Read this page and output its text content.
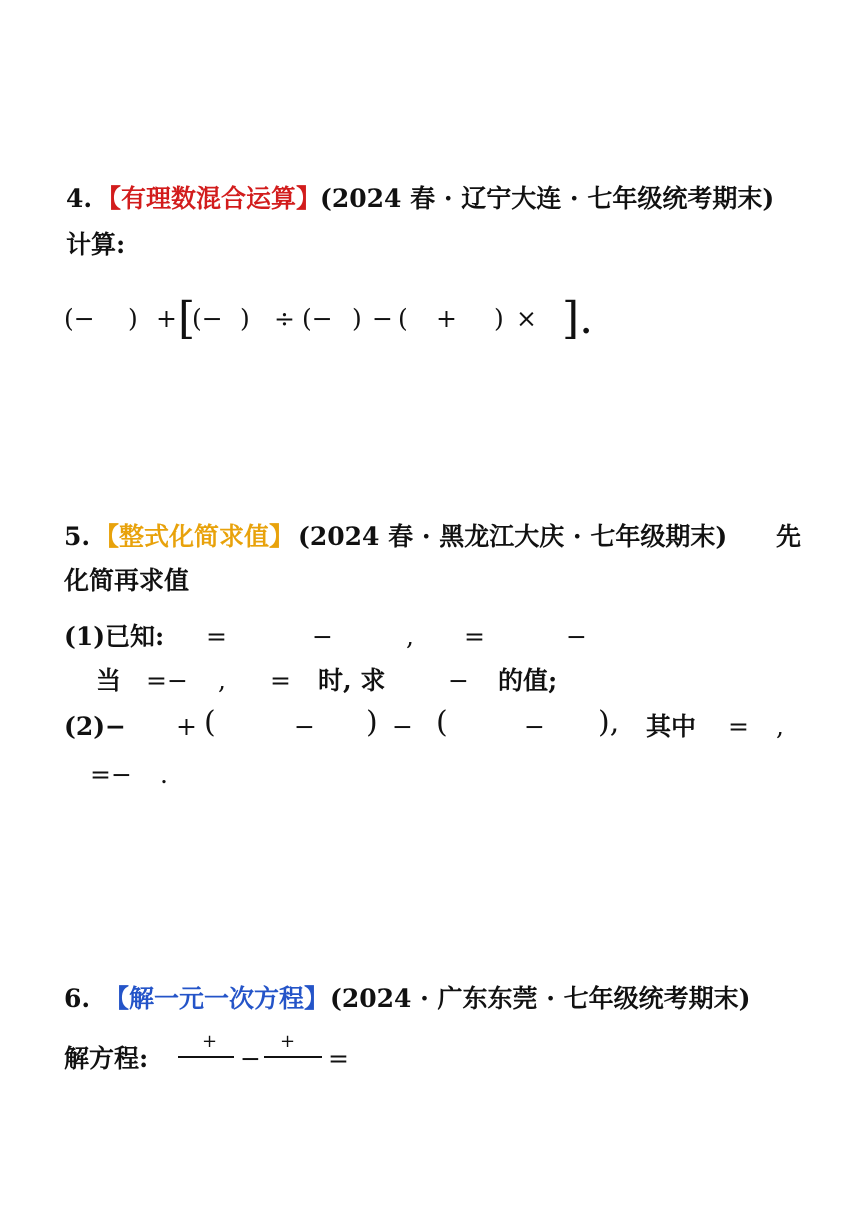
4. 【有理数混合运算】
(2024 春 · 辽宁大连 · 七年级统考期末)
计算:
(− ) + [
(− ) ÷ (− ) − ( + ) × ].
5. 【整式化简求值】 (2024 春 · 黑龙江大庆 · 七年级期末) 先
化简再求值
(1)已知: =	−	, =	−
当 =− , = 时, 求	− 的值;
(2)− + (	− ) − (	− ), 其中 = ,
=− .
6. 【解一元一次方程】 (2024 · 广东东莞 · 七年级统考期末)
解方程:
+
−
+
=
